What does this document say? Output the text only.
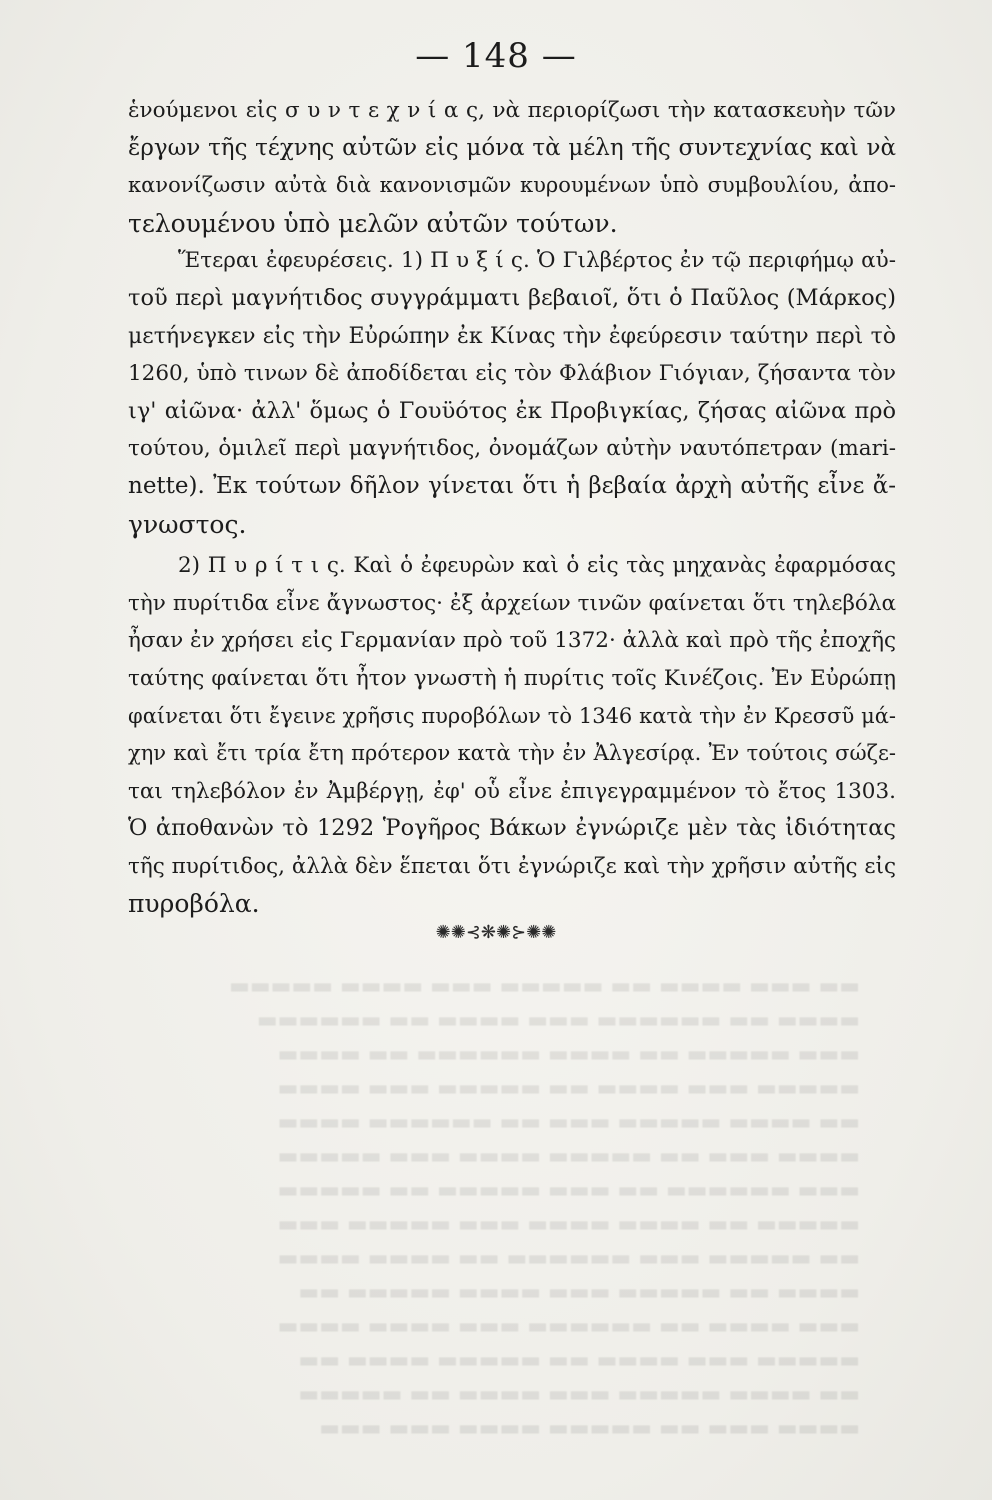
— 148 —
ἑνούμενοι εἰς σ υ ν τ ε χ ν ί α ς, νὰ περιορίζωσι τὴν κατασκευὴν τῶν
ἔργων τῆς τέχνης αὐτῶν εἰς μόνα τὰ μέλη τῆς συντεχνίας καὶ νὰ
κανονίζωσιν αὐτὰ διὰ κανονισμῶν κυρουμένων ὑπὸ συμβουλίου, ἀπο-
τελουμένου ὑπὸ μελῶν αὐτῶν τούτων.
Ἕτεραι ἐφευρέσεις. 1) Π υ ξ ί ς. Ὁ Γιλβέρτος ἐν τῷ περιφήμῳ αὐ-
τοῦ περὶ μαγνήτιδος συγγράμματι βεβαιοῖ, ὅτι ὁ Παῦλος (Μάρκος)
μετήνεγκεν εἰς τὴν Εὐρώπην ἐκ Κίνας τὴν ἐφεύρεσιν ταύτην περὶ τὸ
1260, ὑπὸ τινων δὲ ἀποδίδεται εἰς τὸν Φλάβιον Γιόγιαν, ζήσαντα τὸν
ιγ' αἰῶνα· ἀλλ' ὅμως ὁ Γουϋότος ἐκ Προβιγκίας, ζήσας αἰῶνα πρὸ
τούτου, ὁμιλεῖ περὶ μαγνήτιδος, ὀνομάζων αὐτὴν ναυτόπετραν (mari-
nette). Ἐκ τούτων δῆλον γίνεται ὅτι ἡ βεβαία ἀρχὴ αὐτῆς εἶνε ἄ-
γνωστος.
2) Π υ ρ ί τ ι ς. Καὶ ὁ ἐφευρὼν καὶ ὁ εἰς τὰς μηχανὰς ἐφαρμόσας
τὴν πυρίτιδα εἶνε ἄγνωστος· ἐξ ἀρχείων τινῶν φαίνεται ὅτι τηλεβόλα
ἦσαν ἐν χρήσει εἰς Γερμανίαν πρὸ τοῦ 1372· ἀλλὰ καὶ πρὸ τῆς ἐποχῆς
ταύτης φαίνεται ὅτι ἦτον γνωστὴ ἡ πυρίτις τοῖς Κινέζοις. Ἐν Εὐρώπῃ
φαίνεται ὅτι ἔγεινε χρῆσις πυροβόλων τὸ 1346 κατὰ τὴν ἐν Κρεσσῦ μά-
χην καὶ ἔτι τρία ἔτη πρότερον κατὰ τὴν ἐν Ἀλγεσίρᾳ. Ἐν τούτοις σώζε-
ται τηλεβόλον ἐν Ἀμβέργῃ, ἐφ' οὗ εἶνε ἐπιγεγραμμένον τὸ ἔτος 1303.
Ὁ ἀποθανὼν τὸ 1292 Ῥογῆρος Βάκων ἐγνώριζε μὲν τὰς ἰδιότητας
τῆς πυρίτιδος, ἀλλὰ δὲν ἕπεται ὅτι ἐγνώριζε καὶ τὴν χρῆσιν αὐτῆς εἰς
πυροβόλα.
✺✺⊰❋✺⊱✺✺
▬▬ ▬▬▬ ▬▬▬▬ ▬▬ ▬▬▬▬▬ ▬▬▬ ▬▬▬▬ ▬▬▬▬▬
▬▬▬▬ ▬▬ ▬▬▬▬▬▬ ▬▬▬ ▬▬▬▬ ▬▬ ▬▬▬▬▬▬
▬▬▬ ▬▬▬▬▬ ▬▬ ▬▬▬▬ ▬▬▬▬▬▬ ▬▬ ▬▬▬▬
▬▬▬▬▬ ▬▬▬ ▬▬▬▬ ▬▬ ▬▬▬▬▬ ▬▬▬ ▬▬▬▬
▬▬ ▬▬▬▬ ▬▬▬▬▬ ▬▬▬ ▬▬ ▬▬▬▬▬▬ ▬▬▬▬
▬▬▬▬ ▬▬▬ ▬▬ ▬▬▬▬▬ ▬▬▬▬ ▬▬▬ ▬▬▬▬▬
▬▬▬ ▬▬▬▬▬▬ ▬▬ ▬▬▬ ▬▬▬▬▬ ▬▬ ▬▬▬▬▬
▬▬▬▬▬ ▬▬ ▬▬▬▬ ▬▬▬▬ ▬▬▬ ▬▬▬▬▬ ▬▬▬
▬▬ ▬▬▬▬▬ ▬▬▬ ▬▬▬▬▬▬ ▬▬ ▬▬▬▬ ▬▬▬▬
▬▬▬▬ ▬▬ ▬▬▬▬▬ ▬▬▬ ▬▬▬▬ ▬▬▬▬▬ ▬▬
▬▬▬ ▬▬▬▬ ▬▬ ▬▬▬▬▬▬ ▬▬▬ ▬▬▬▬ ▬▬▬▬
▬▬▬▬▬ ▬▬▬ ▬▬▬▬ ▬▬ ▬▬▬▬▬ ▬▬▬▬ ▬▬
▬▬ ▬▬▬▬ ▬▬▬▬▬ ▬▬▬ ▬▬▬▬ ▬▬ ▬▬▬▬▬
▬▬▬▬ ▬▬▬ ▬▬ ▬▬▬▬▬ ▬▬▬▬ ▬▬▬ ▬▬▬
